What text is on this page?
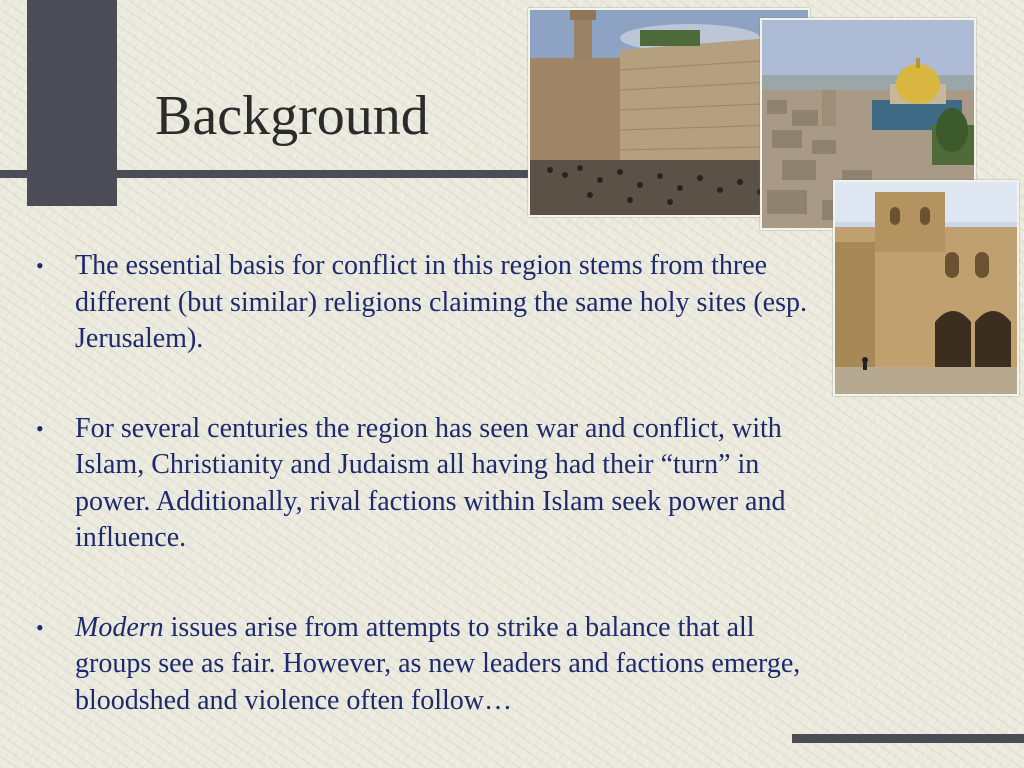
Background
• The essential basis for conflict in this region stems from three different (but similar) religions claiming the same holy sites (esp. Jerusalem).
• For several centuries the region has seen war and conflict, with Islam, Christianity and Judaism all having had their “turn” in power. Additionally, rival factions within Islam seek power and influence.
• Modern issues arise from attempts to strike a balance that all groups see as fair. However, as new leaders and factions emerge, bloodshed and violence often follow…
